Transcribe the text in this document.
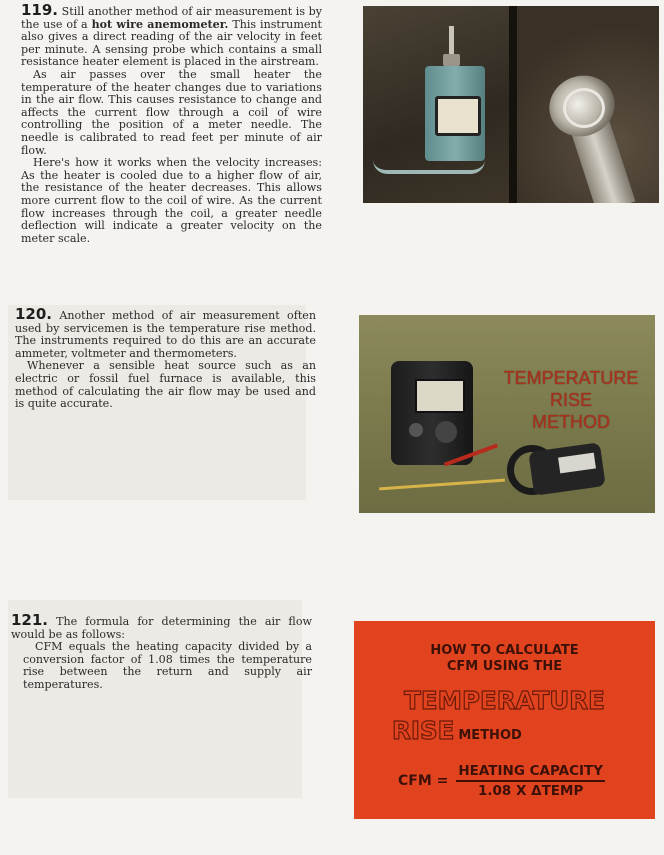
119. Still another method of air measurement is by the use of a hot wire anemometer. This instrument also gives a direct reading of the air velocity in feet per minute. A sensing probe which contains a small resistance heater element is placed in the airstream.

As air passes over the small heater the temperature of the heater changes due to variations in the air flow. This causes resistance to change and affects the current flow through a coil of wire controlling the position of a meter needle. The needle is calibrated to read feet per minute of air flow.

Here's how it works when the velocity increases: As the heater is cooled due to a higher flow of air, the resistance of the heater decreases. This allows more current flow to the coil of wire. As the current flow increases through the coil, a greater needle deflection will indicate a greater velocity on the meter scale.

120. Another method of air measurement often used by servicemen is the temperature rise method. The instruments required to do this are an accurate ammeter, voltmeter and thermometers.

Whenever a sensible heat source such as an electric or fossil fuel furnace is available, this method of calculating the air flow may be used and is quite accurate.

TEMPERATURE
RISE
METHOD

121. The formula for determining the air flow would be as follows:

CFM equals the heating capacity divided by a conversion factor of 1.08 times the temperature rise between the return and supply air temperatures.

HOW TO CALCULATE
CFM USING THE
TEMPERATURE
RISE METHOD
CFM = $\frac{\text{HEATING CAPACITY}}{\text{1.08 X ΔTEMP}}$
